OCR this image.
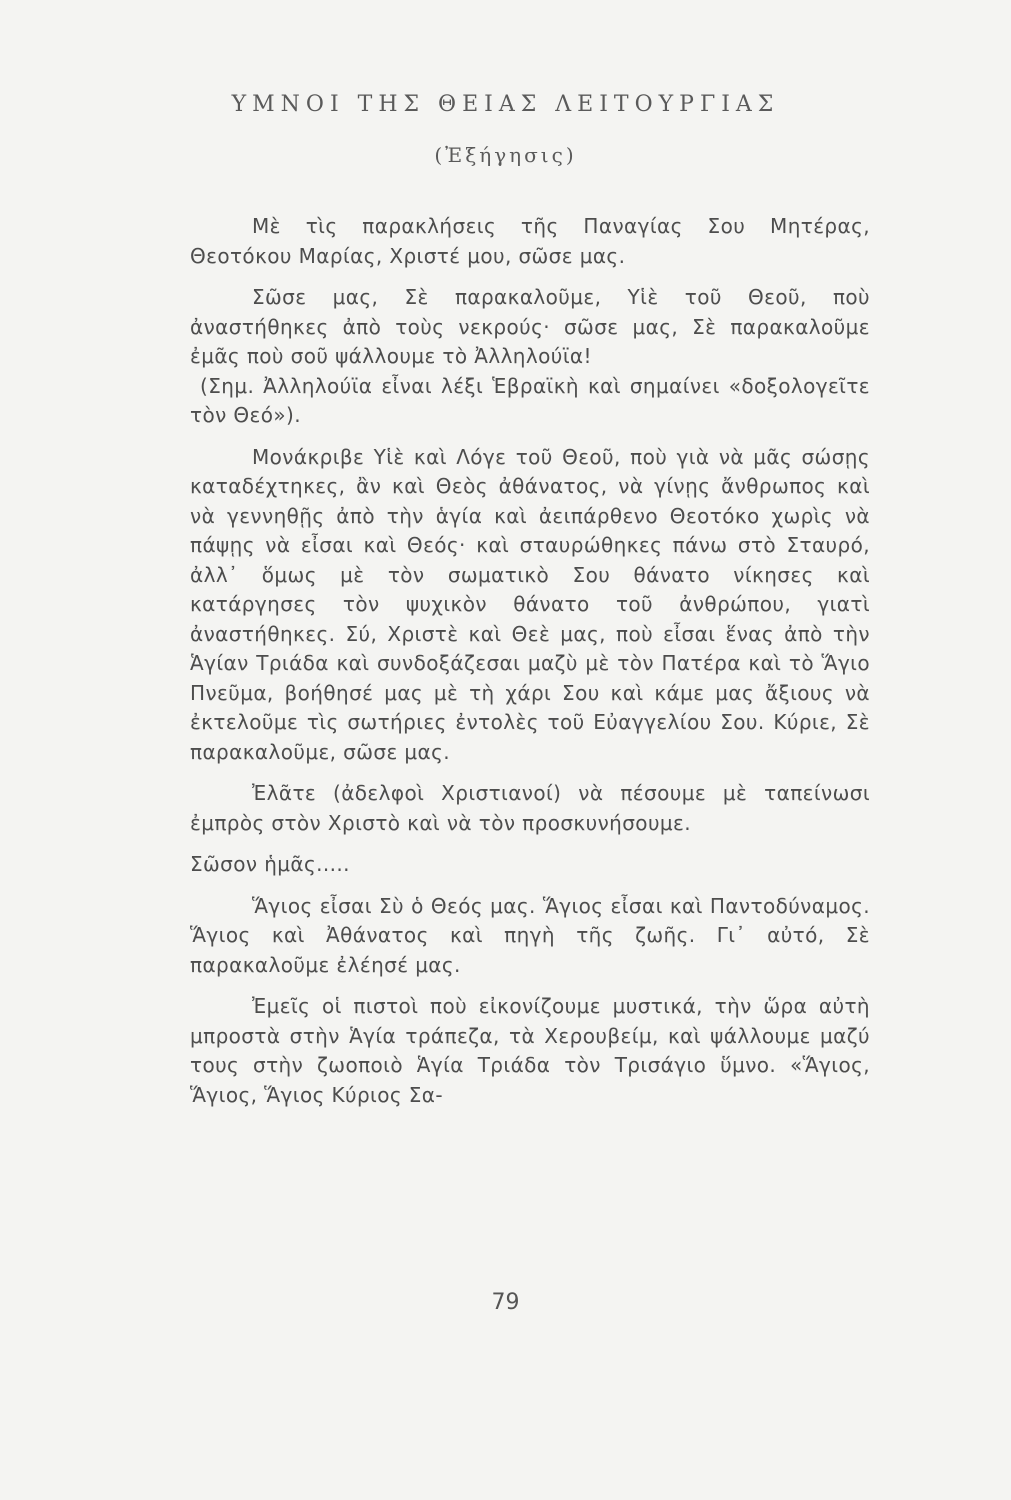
ΥΜΝΟΙ ΤΗΣ ΘΕΙΑΣ ΛΕΙΤΟΥΡΓΙΑΣ
(Ἐξήγησις)

Μὲ τὶς παρακλήσεις τῆς Παναγίας Σου Μητέρας, Θεοτόκου Μαρίας, Χριστέ μου, σῶσε μας.

Σῶσε μας, Σὲ παρακαλοῦμε, Υἱὲ τοῦ Θεοῦ, ποὺ ἀναστήθηκες ἀπὸ τοὺς νεκρούς· σῶσε μας, Σὲ παρακαλοῦμε ἐμᾶς ποὺ σοῦ ψάλλουμε τὸ Ἀλληλούϊα!

(Σημ. Ἀλληλούϊα εἶναι λέξι Ἑβραϊκὴ καὶ σημαίνει «δοξολογεῖτε τὸν Θεό»).

Μονάκριβε Υἱὲ καὶ Λόγε τοῦ Θεοῦ, ποὺ γιὰ νὰ μᾶς σώσῃς καταδέχτηκες, ἂν καὶ Θεὸς ἀθάνατος, νὰ γίνῃς ἄνθρωπος καὶ νὰ γεννηθῇς ἀπὸ τὴν ἁγία καὶ ἀειπάρθενο Θεοτόκο χωρὶς νὰ πάψῃς νὰ εἶσαι καὶ Θεός· καὶ σταυρώθηκες πάνω στὸ Σταυρό, ἀλλ᾽ ὅμως μὲ τὸν σωματικὸ Σου θάνατο νίκησες καὶ κατάργησες τὸν ψυχικὸν θάνατο τοῦ ἀνθρώπου, γιατὶ ἀναστήθηκες. Σύ, Χριστὲ καὶ Θεὲ μας, ποὺ εἶσαι ἕνας ἀπὸ τὴν Ἁγίαν Τριάδα καὶ συνδοξάζεσαι μαζὺ μὲ τὸν Πατέρα καὶ τὸ Ἅγιο Πνεῦμα, βοήθησέ μας μὲ τὴ χάρι Σου καὶ κάμε μας ἄξιους νὰ ἐκτελοῦμε τὶς σωτήριες ἐντολὲς τοῦ Εὐαγγελίου Σου. Κύριε, Σὲ παρακαλοῦμε, σῶσε μας.

Ἐλᾶτε (ἀδελφοὶ Χριστιανοί) νὰ πέσουμε μὲ ταπείνωσι ἐμπρὸς στὸν Χριστὸ καὶ νὰ τὸν προσκυνήσουμε.

Σῶσον ἡμᾶς.....

Ἅγιος εἶσαι Σὺ ὁ Θεός μας. Ἅγιος εἶσαι καὶ Παντοδύναμος. Ἅγιος καὶ Ἀθάνατος καὶ πηγὴ τῆς ζωῆς. Γι᾽ αὐτό, Σὲ παρακαλοῦμε ἐλέησέ μας.

Ἐμεῖς οἱ πιστοὶ ποὺ εἰκονίζουμε μυστικά, τὴν ὥρα αὐτὴ μπροστὰ στὴν Ἁγία τράπεζα, τὰ Χερουβείμ, καὶ ψάλλουμε μαζύ τους στὴν ζωοποιὸ Ἁγία Τριάδα τὸν Τρισάγιο ὕμνο. «Ἅγιος, Ἅγιος, Ἅγιος Κύριος Σα-

79
